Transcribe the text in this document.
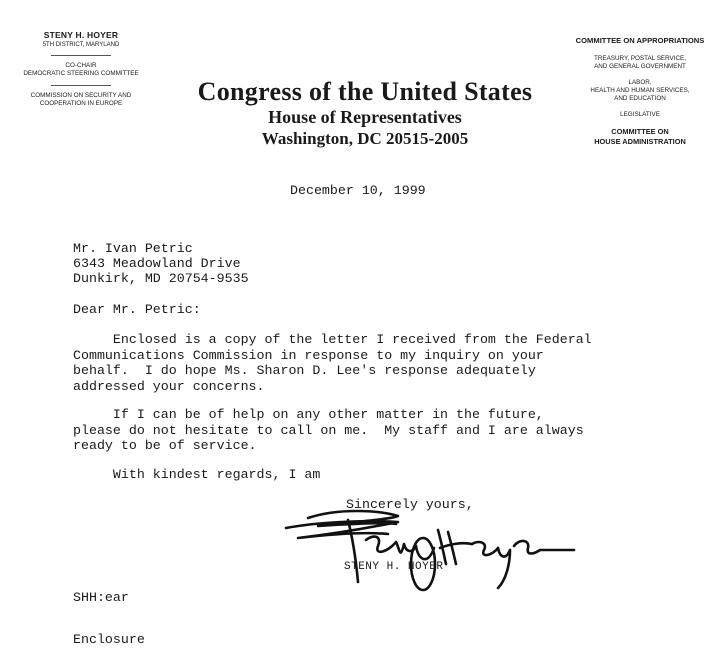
STENY H. HOYER
5TH DISTRICT, MARYLAND
CO-CHAIR
DEMOCRATIC STEERING COMMITTEE
COMMISSION ON SECURITY AND
COOPERATION IN EUROPE	Congress of the United States
House of Representatives
Washington, DC 20515-2005
COMMITTEE ON APPROPRIATIONS
TREASURY, POSTAL SERVICE,
AND GENERAL GOVERNMENT
LABOR,
HEALTH AND HUMAN SERVICES,
AND EDUCATION
LEGISLATIVE
COMMITTEE ON
HOUSE ADMINISTRATION
December 10, 1999
Mr. Ivan Petric
6343 Meadowland Drive
Dunkirk, MD 20754-9535
Dear Mr. Petric:
Enclosed is a copy of the letter I received from the Federal
Communications Commission in response to my inquiry on your
behalf.  I do hope Ms. Sharon D. Lee's response adequately
addressed your concerns.
If I can be of help on any other matter in the future,
please do not hesitate to call on me.  My staff and I are always
ready to be of service.
With kindest regards, I am
Sincerely yours,
STENY H. HOYER
SHH:ear
Enclosure
